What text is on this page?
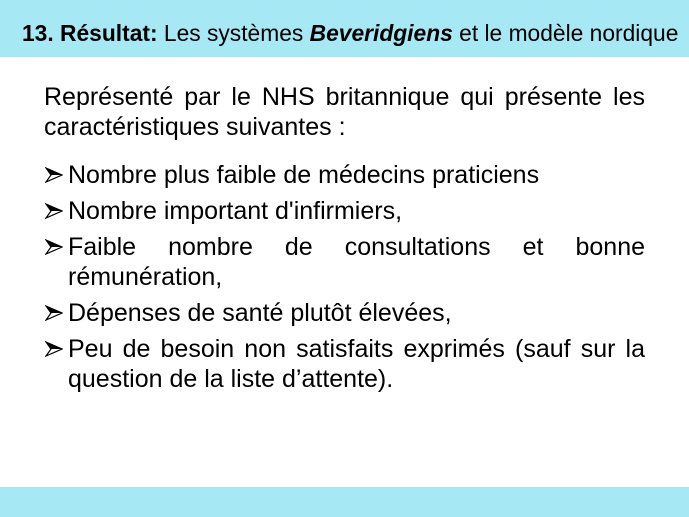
13. Résultat: Les systèmes Beveridgiens et le modèle nordique

Représenté par le NHS britannique qui présente les caractéristiques suivantes :

Nombre plus faible de médecins praticiens
Nombre important d'infirmiers,
Faible nombre de consultations et bonne rémunération,
Dépenses de santé plutôt élevées,
Peu de besoin non satisfaits exprimés (sauf sur la question de la liste d’attente).
